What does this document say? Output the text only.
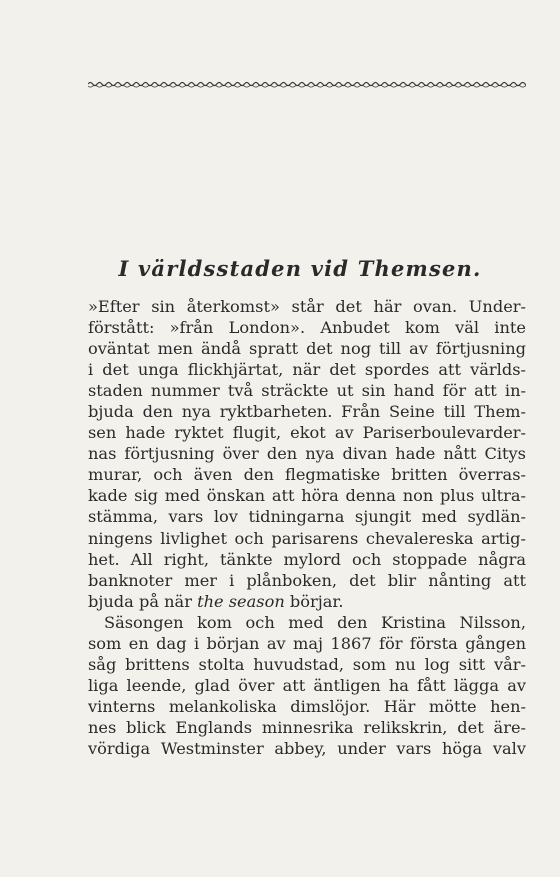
I världsstaden vid Themsen.
»Efter sin återkomst» står det här ovan. Under-
förstått: »från London». Anbudet kom väl inte
oväntat men ändå spratt det nog till av förtjusning
i det unga flickhjärtat, när det spordes att världs-
staden nummer två sträckte ut sin hand för att in-
bjuda den nya ryktbarheten. Från Seine till Them-
sen hade ryktet flugit, ekot av Pariserboulevarder-
nas förtjusning över den nya divan hade nått Citys
murar, och även den flegmatiske britten överras-
kade sig med önskan att höra denna non plus ultra-
stämma, vars lov tidningarna sjungit med sydlän-
ningens livlighet och parisarens chevalereska artig-
het. All right, tänkte mylord och stoppade några
banknoter mer i plånboken, det blir nånting att
bjuda på när the season börjar.
Säsongen kom och med den Kristina Nilsson,
som en dag i början av maj 1867 för första gången
såg brittens stolta huvudstad, som nu log sitt vår-
liga leende, glad över att äntligen ha fått lägga av
vinterns melankoliska dimslöjor. Här mötte hen-
nes blick Englands minnesrika relikskrin, det äre-
vördiga Westminster abbey, under vars höga valv
